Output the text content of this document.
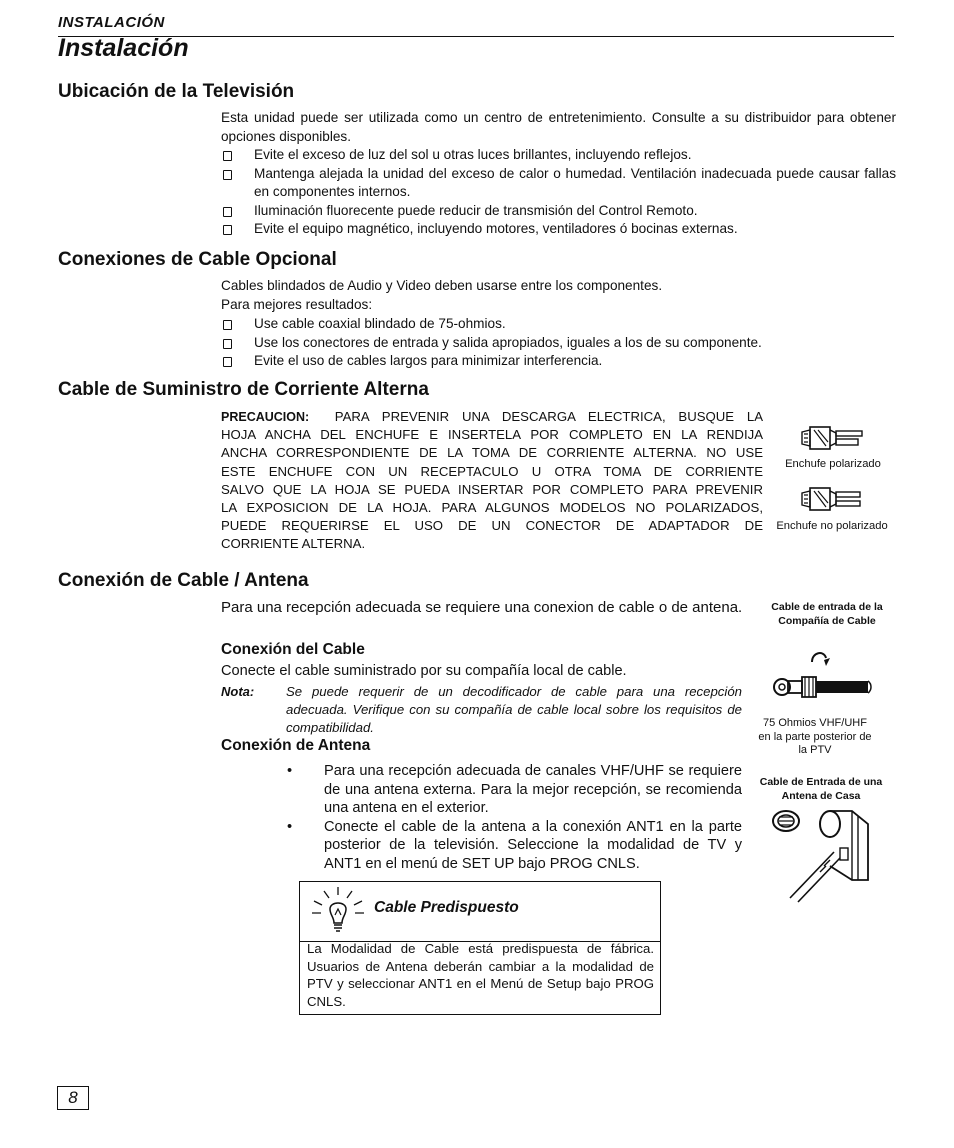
INSTALACIÓN
Instalación
Ubicación de la Televisión
Esta unidad puede ser utilizada como un centro de entretenimiento. Consulte a su distribuidor para obtener opciones disponibles.
Evite el exceso de luz del sol u otras luces brillantes, incluyendo reflejos.
Mantenga alejada la unidad del exceso de calor o humedad. Ventilación inadecuada puede causar fallas en componentes internos.
Iluminación fluorecente puede reducir de transmisión del Control Remoto.
Evite el equipo magnético, incluyendo motores, ventiladores ó bocinas externas.
Conexiones de Cable Opcional
Cables blindados de Audio y Video deben usarse entre los componentes.
Para mejores resultados:
Use cable coaxial blindado de 75-ohmios.
Use los conectores de entrada y salida apropiados, iguales a los de su componente.
Evite el uso de cables largos para minimizar interferencia.
Cable de Suministro de Corriente Alterna
PRECAUCION: PARA PREVENIR UNA DESCARGA ELECTRICA, BUSQUE LA
HOJA ANCHA DEL ENCHUFE E INSERTELA POR COMPLETO EN LA RENDIJA
ANCHA CORRESPONDIENTE DE LA TOMA DE CORRIENTE ALTERNA. NO USE
ESTE ENCHUFE CON UN RECEPTACULO U OTRA TOMA DE CORRIENTE
SALVO QUE LA HOJA SE PUEDA INSERTAR POR COMPLETO PARA PREVENIR
LA EXPOSICION DE LA HOJA. PARA ALGUNOS MODELOS NO POLARIZADOS,
PUEDE REQUERIRSE EL USO DE UN CONECTOR DE ADAPTADOR DE
CORRIENTE ALTERNA.
Enchufe polarizado
Enchufe no polarizado
Conexión de Cable / Antena
Para una recepción adecuada se requiere una conexion de cable o de antena.
Conexión del Cable
Conecte el cable suministrado por su compañía local de cable.
Nota: Se puede requerir de un decodificador de cable para una recepción adecuada. Verifique con su compañía de cable local sobre los requisitos de compatibilidad.
Conexión de Antena
• Para una recepción adecuada de canales VHF/UHF se requiere de una antena externa. Para la mejor recepción, se recomienda una antena en el exterior.
• Conecte el cable de la antena a la conexión ANT1 en la parte posterior de la televisión. Seleccione la modalidad de TV y ANT1 en el menú de SET UP bajo PROG CNLS.
Cable de entrada de la Compañía de Cable
75 Ohmios VHF/UHF en la parte posterior de la PTV
Cable de Entrada de una Antena de Casa
Cable Predispuesto
La Modalidad de Cable está predispuesta de fábrica. Usuarios de Antena deberán cambiar a la modalidad de PTV y seleccionar ANT1 en el Menú de Setup bajo PROG CNLS.
8
